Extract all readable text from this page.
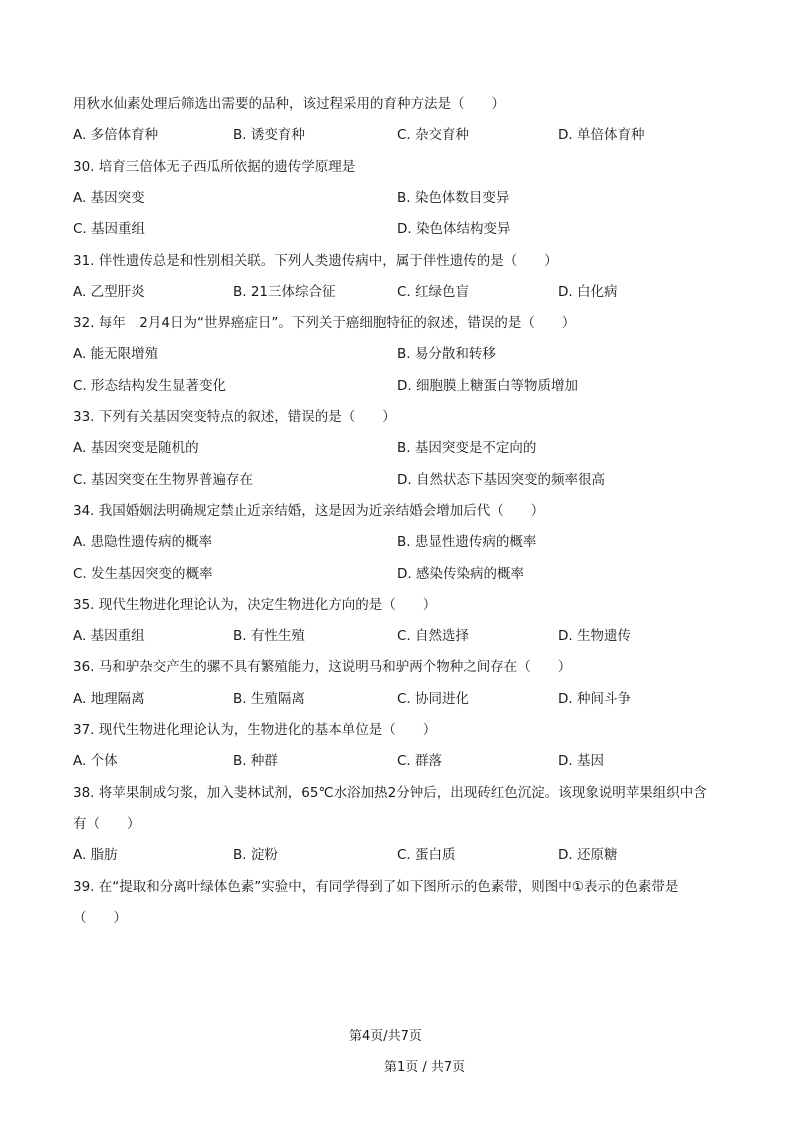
用秋水仙素处理后筛选出需要的品种，该过程采用的育种方法是（　　）
A. 多倍体育种	B. 诱变育种	C. 杂交育种	D. 单倍体育种
30. 培育三倍体无子西瓜所依据的遗传学原理是
A. 基因突变	B. 染色体数目变异
C. 基因重组	D. 染色体结构变异
31. 伴性遗传总是和性别相关联。下列人类遗传病中，属于伴性遗传的是（　　）
A. 乙型肝炎	B. 21三体综合征	C. 红绿色盲	D. 白化病
32. 每年　2月4日为“世界癌症日”。下列关于癌细胞特征的叙述，错误的是（　　）
A. 能无限增殖	B. 易分散和转移
C. 形态结构发生显著变化	D. 细胞膜上糖蛋白等物质增加
33. 下列有关基因突变特点的叙述，错误的是（　　）
A. 基因突变是随机的	B. 基因突变是不定向的
C. 基因突变在生物界普遍存在	D. 自然状态下基因突变的频率很高
34. 我国婚姻法明确规定禁止近亲结婚，这是因为近亲结婚会增加后代（　　）
A. 患隐性遗传病的概率	B. 患显性遗传病的概率
C. 发生基因突变的概率	D. 感染传染病的概率
35. 现代生物进化理论认为，决定生物进化方向的是（　　）
A. 基因重组	B. 有性生殖	C. 自然选择	D. 生物遗传
36. 马和驴杂交产生的骡不具有繁殖能力，这说明马和驴两个物种之间存在（　　）
A. 地理隔离	B. 生殖隔离	C. 协同进化	D. 种间斗争
37. 现代生物进化理论认为，生物进化的基本单位是（　　）
A. 个体	B. 种群	C. 群落	D. 基因
38. 将苹果制成匀浆，加入斐林试剂，65℃水浴加热2分钟后，出现砖红色沉淀。该现象说明苹果组织中含
有（　　）
A. 脂肪	B. 淀粉	C. 蛋白质	D. 还原糖
39. 在“提取和分离叶绿体色素”实验中，有同学得到了如下图所示的色素带，则图中①表示的色素带是
（　　）
第4页/共7页
第1页 / 共7页
